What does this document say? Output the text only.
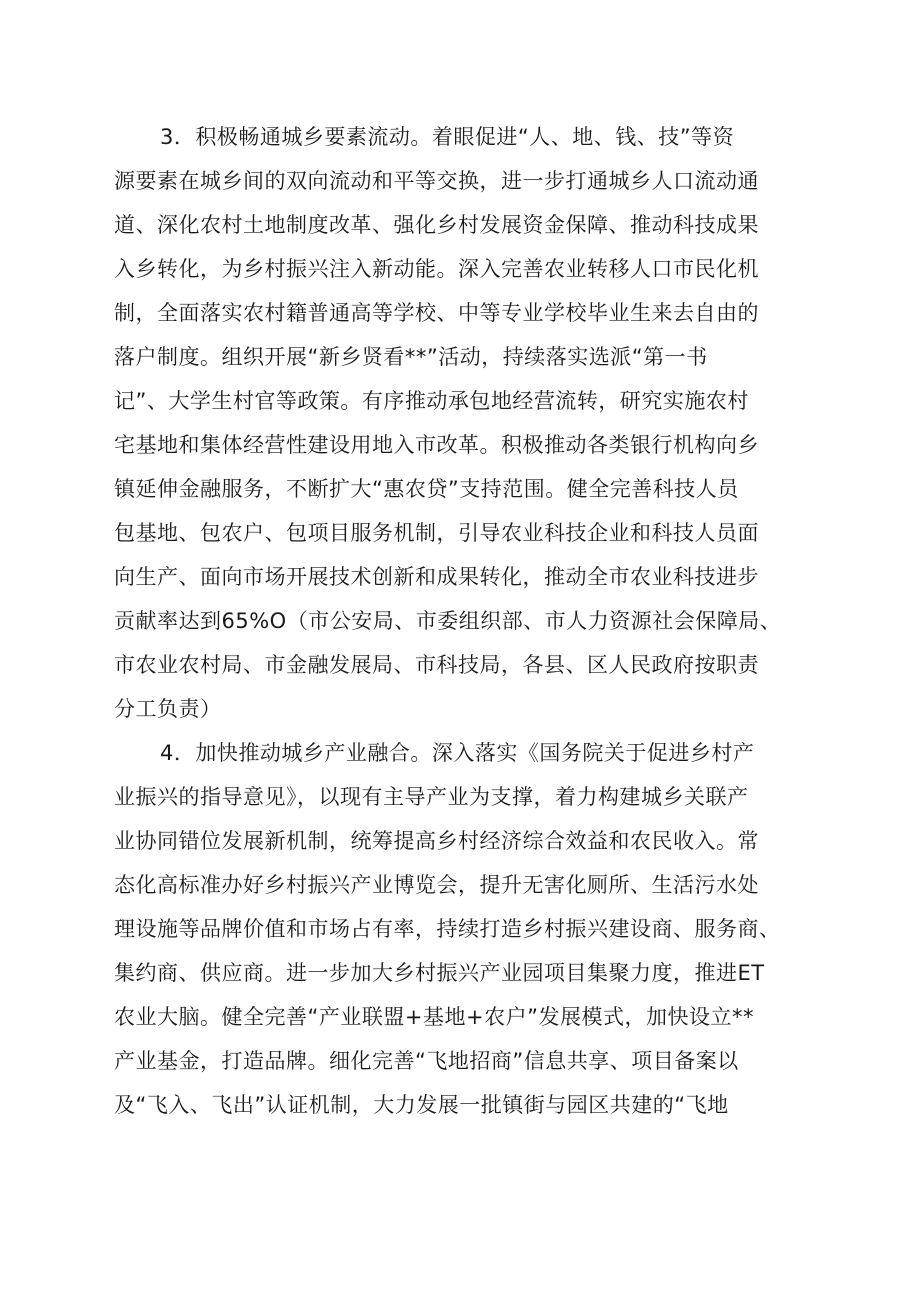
3．积极畅通城乡要素流动。着眼促进“人、地、钱、技”等资
源要素在城乡间的双向流动和平等交换，进一步打通城乡人口流动通
道、深化农村土地制度改革、强化乡村发展资金保障、推动科技成果
入乡转化，为乡村振兴注入新动能。深入完善农业转移人口市民化机
制，全面落实农村籍普通高等学校、中等专业学校毕业生来去自由的
落户制度。组织开展“新乡贤看**”活动，持续落实选派“第一书
记”、大学生村官等政策。有序推动承包地经营流转，研究实施农村
宅基地和集体经营性建设用地入市改革。积极推动各类银行机构向乡
镇延伸金融服务，不断扩大“惠农贷”支持范围。健全完善科技人员
包基地、包农户、包项目服务机制，引导农业科技企业和科技人员面
向生产、面向市场开展技术创新和成果转化，推动全市农业科技进步
贡献率达到65%O（市公安局、市委组织部、市人力资源社会保障局、
市农业农村局、市金融发展局、市科技局，各县、区人民政府按职责
分工负责）
4．加快推动城乡产业融合。深入落实《国务院关于促进乡村产
业振兴的指导意见》，以现有主导产业为支撑，着力构建城乡关联产
业协同错位发展新机制，统筹提高乡村经济综合效益和农民收入。常
态化高标准办好乡村振兴产业博览会，提升无害化厕所、生活污水处
理设施等品牌价值和市场占有率，持续打造乡村振兴建设商、服务商、
集约商、供应商。进一步加大乡村振兴产业园项目集聚力度，推进ET
农业大脑。健全完善“产业联盟+基地+农户”发展模式，加快设立**
产业基金，打造品牌。细化完善“飞地招商”信息共享、项目备案以
及“飞入、飞出”认证机制，大力发展一批镇街与园区共建的“飞地
